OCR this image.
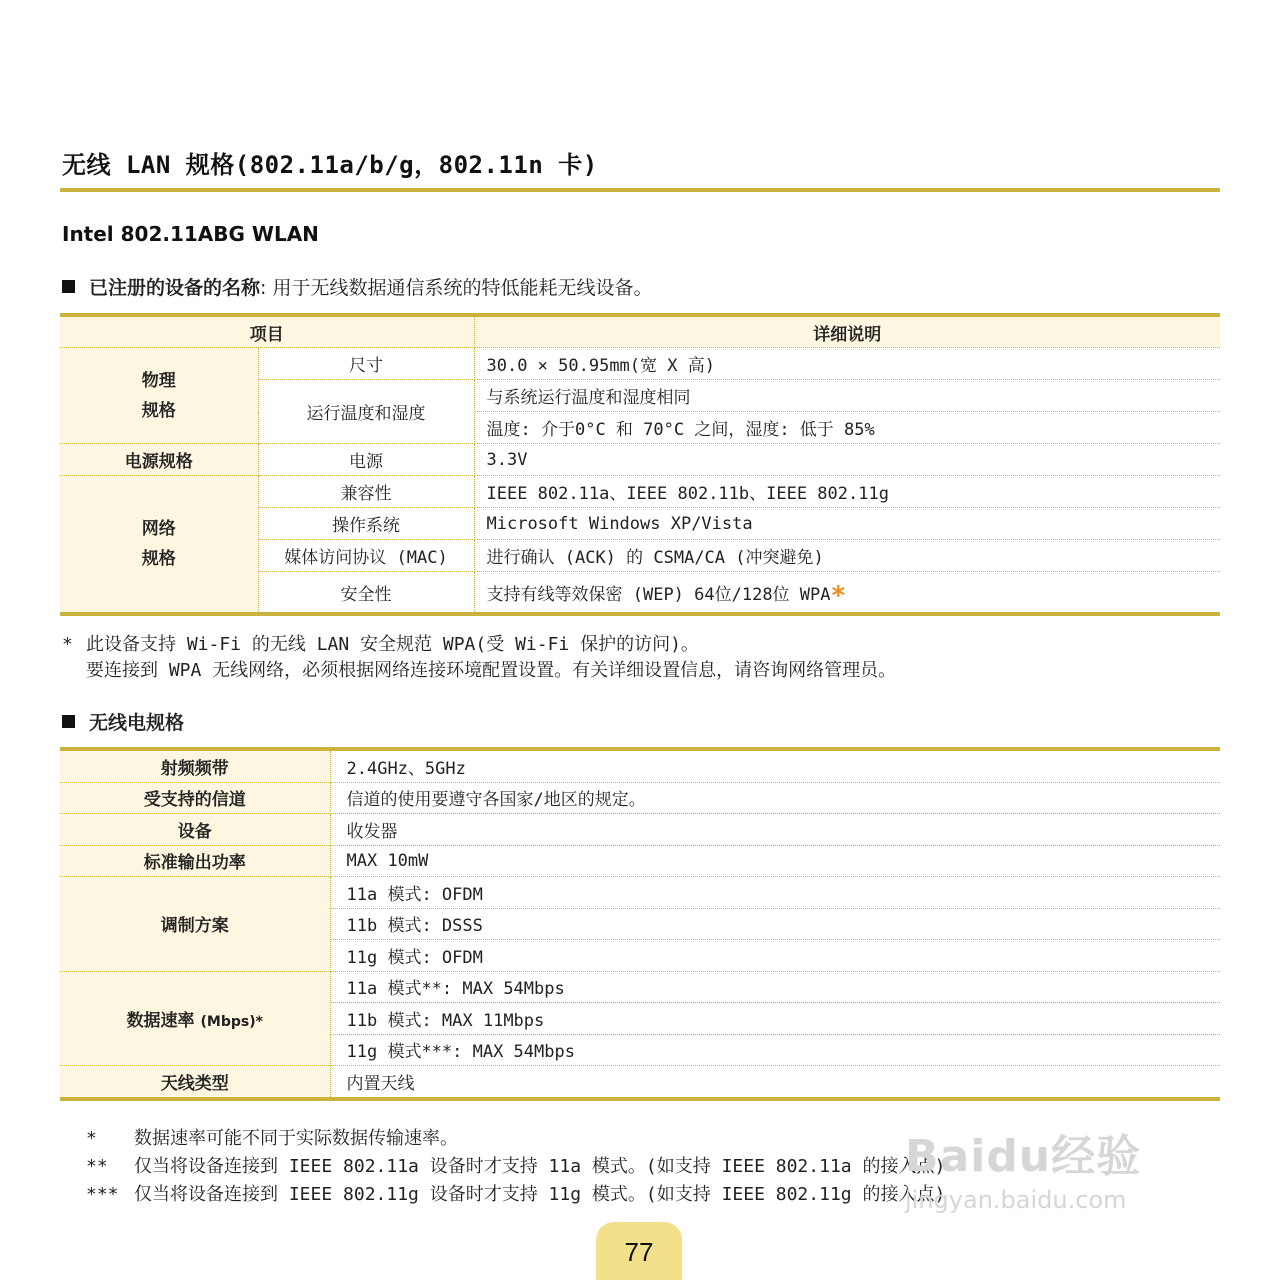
无线 LAN 规格(802.11a/b/g，802.11n 卡)
Intel 802.11ABG WLAN
已注册的设备的名称: 用于无线数据通信系统的特低能耗无线设备。
项目		详细说明
物理
规格	尺寸	30.0 × 50.95mm(宽 X 高)
	运行温度和湿度	与系统运行温度和湿度相同
		温度: 介于0°C 和 70°C 之间，湿度: 低于 85%
电源规格	电源	3.3V
网络
规格	兼容性	IEEE 802.11a、IEEE 802.11b、IEEE 802.11g
	操作系统	Microsoft Windows XP/Vista
	媒体访问协议 (MAC)	进行确认 (ACK) 的 CSMA/CA (冲突避免)
	安全性	支持有线等效保密 (WEP) 64位/128位 WPA*
* 此设备支持 Wi-Fi 的无线 LAN 安全规范 WPA(受 Wi-Fi 保护的访问)。
要连接到 WPA 无线网络，必须根据网络连接环境配置设置。有关详细设置信息，请咨询网络管理员。
无线电规格
射频频带	2.4GHz、5GHz
受支持的信道	信道的使用要遵守各国家/地区的规定。
设备	收发器
标准输出功率	MAX 10mW
调制方案	11a 模式: OFDM
	11b 模式: DSSS
	11g 模式: OFDM
数据速率 (Mbps)*	11a 模式**: MAX 54Mbps
	11b 模式: MAX 11Mbps
	11g 模式***: MAX 54Mbps
天线类型	内置天线
* 数据速率可能不同于实际数据传输速率。
** 仅当将设备连接到 IEEE 802.11a 设备时才支持 11a 模式。(如支持 IEEE 802.11a 的接入点)
*** 仅当将设备连接到 IEEE 802.11g 设备时才支持 11g 模式。(如支持 IEEE 802.11g 的接入点)
Baidu经验
jingyan.baidu.com
77
